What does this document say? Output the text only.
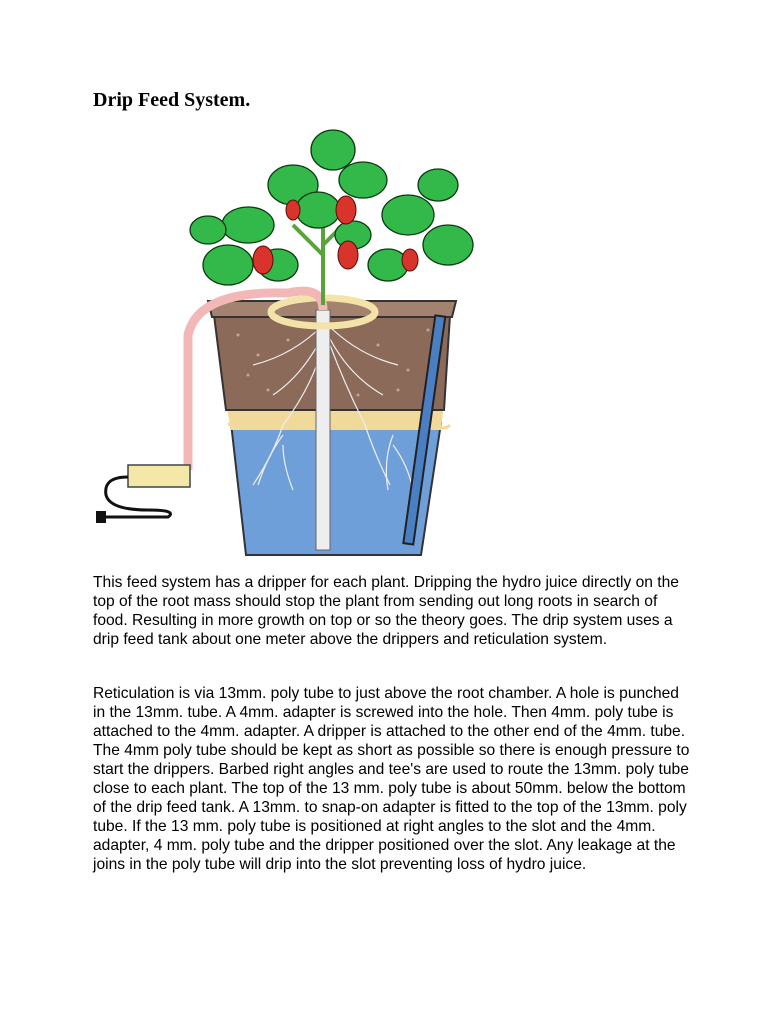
Drip Feed System.

This feed system has a dripper for each plant. Dripping the hydro juice directly on the top of the root mass should stop the plant from sending out long roots in search of food. Resulting in more growth on top or so the theory goes. The drip system uses a drip feed tank about one meter above the drippers and reticulation system.

Reticulation is via 13mm. poly tube to just above the root chamber. A hole is punched in the 13mm. tube. A 4mm. adapter is screwed into the hole. Then 4mm. poly tube is attached to the 4mm. adapter. A dripper is attached to the other end of the 4mm. tube. The 4mm poly tube should be kept as short as possible so there is enough pressure to start the drippers. Barbed right angles and tee's are used to route the 13mm. poly tube close to each plant. The top of the 13 mm. poly tube is about 50mm. below the bottom of the drip feed tank. A 13mm. to snap-on adapter is fitted to the top of the 13mm. poly tube. If the 13 mm. poly tube is positioned at right angles to the slot and the 4mm. adapter, 4 mm. poly tube and the dripper positioned over the slot. Any leakage at the joins in the poly tube will drip into the slot preventing loss of hydro juice.
